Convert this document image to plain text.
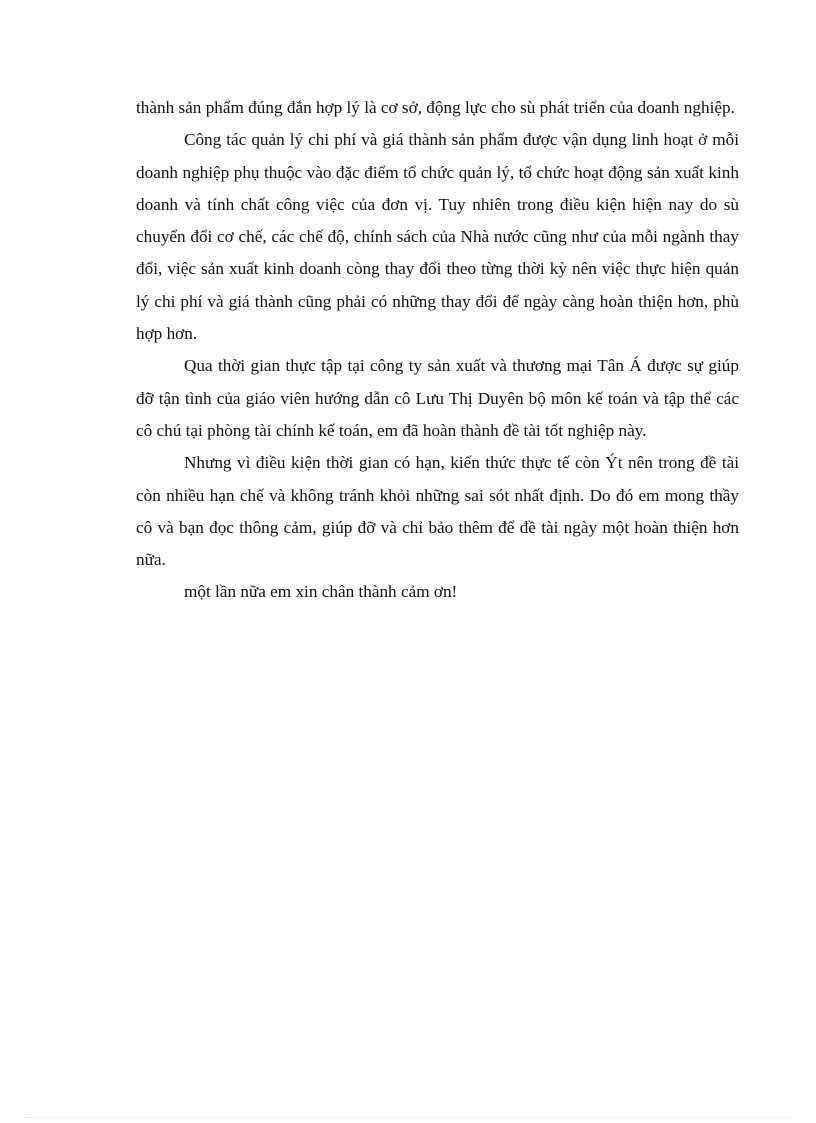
thành sản phẩm đúng đắn hợp lý là cơ sở, động lực cho sù phát triển của doanh nghiệp.

Công tác quản lý chi phí và giá thành sản phẩm được vận dụng linh hoạt ở mỗi doanh nghiệp phụ thuộc vào đặc điểm tổ chức quản lý, tổ chức hoạt động sản xuất kinh doanh và tính chất công việc của đơn vị. Tuy nhiên trong điều kiện hiện nay do sù chuyển đổi cơ chế, các chế độ, chính sách của Nhà nước cũng như của mỗi ngành thay đổi, việc sản xuất kinh doanh còng thay đổi theo từng thời kỳ nên việc thực hiện quản lý chi phí và giá thành cũng phải có những thay đổi để ngày càng hoàn thiện hơn, phù hợp hơn.

Qua thời gian thực tập tại công ty sản xuất và thương mại Tân Á được sự giúp đỡ tận tình của giáo viên hướng dẫn cô Lưu Thị Duyên bộ môn kế toán và tập thể các cô chú tại phòng tài chính kế toán, em đã hoàn thành đề tài tốt nghiệp này.

Nhưng vì điều kiện thời gian có hạn, kiến thức thực tế còn Ýt nên trong đề tài còn nhiều hạn chế và không tránh khỏi những sai sót nhất định. Do đó em mong thầy cô và bạn đọc thông cảm, giúp đỡ và chỉ bảo thêm để đề tài ngày một hoàn thiện hơn nữa.

một lần nữa em xin chân thành cảm ơn!
